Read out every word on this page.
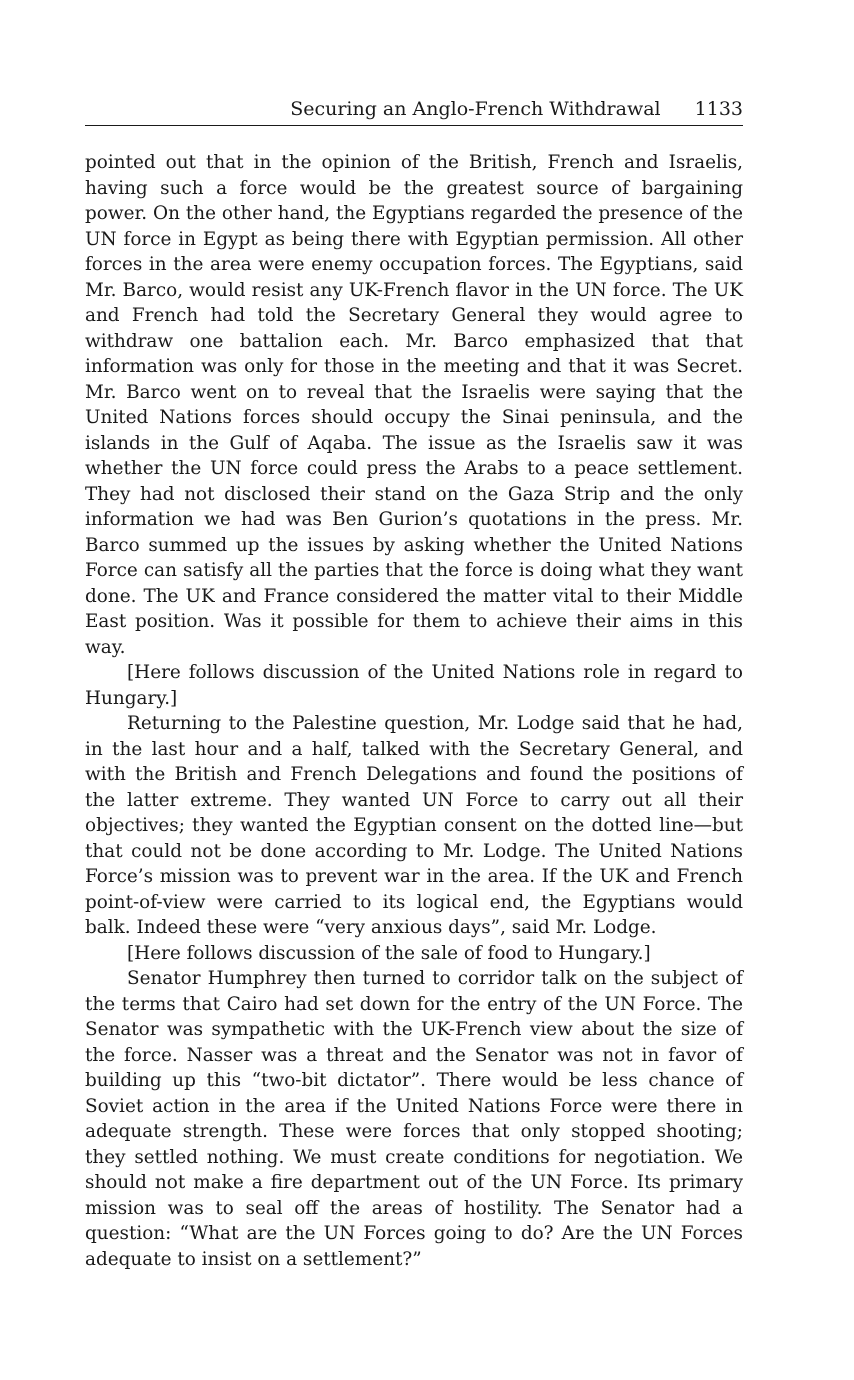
Securing an Anglo-French Withdrawal 1133

pointed out that in the opinion of the British, French and Israelis, having such a force would be the greatest source of bargaining power. On the other hand, the Egyptians regarded the presence of the UN force in Egypt as being there with Egyptian permission. All other forces in the area were enemy occupation forces. The Egyptians, said Mr. Barco, would resist any UK-French flavor in the UN force. The UK and French had told the Secretary General they would agree to withdraw one battalion each. Mr. Barco emphasized that that information was only for those in the meeting and that it was Secret. Mr. Barco went on to reveal that the Israelis were saying that the United Nations forces should occupy the Sinai peninsula, and the islands in the Gulf of Aqaba. The issue as the Israelis saw it was whether the UN force could press the Arabs to a peace settlement. They had not disclosed their stand on the Gaza Strip and the only information we had was Ben Gurion’s quotations in the press. Mr. Barco summed up the issues by asking whether the United Nations Force can satisfy all the parties that the force is doing what they want done. The UK and France considered the matter vital to their Middle East position. Was it possible for them to achieve their aims in this way.

[Here follows discussion of the United Nations role in regard to Hungary.]

Returning to the Palestine question, Mr. Lodge said that he had, in the last hour and a half, talked with the Secretary General, and with the British and French Delegations and found the positions of the latter extreme. They wanted UN Force to carry out all their objectives; they wanted the Egyptian consent on the dotted line—but that could not be done according to Mr. Lodge. The United Nations Force’s mission was to prevent war in the area. If the UK and French point-of-view were carried to its logical end, the Egyptians would balk. Indeed these were “very anxious days”, said Mr. Lodge.

[Here follows discussion of the sale of food to Hungary.]

Senator Humphrey then turned to corridor talk on the subject of the terms that Cairo had set down for the entry of the UN Force. The Senator was sympathetic with the UK-French view about the size of the force. Nasser was a threat and the Senator was not in favor of building up this “two-bit dictator”. There would be less chance of Soviet action in the area if the United Nations Force were there in adequate strength. These were forces that only stopped shooting; they settled nothing. We must create conditions for negotiation. We should not make a fire department out of the UN Force. Its primary mission was to seal off the areas of hostility. The Senator had a question: “What are the UN Forces going to do? Are the UN Forces adequate to insist on a settlement?”
